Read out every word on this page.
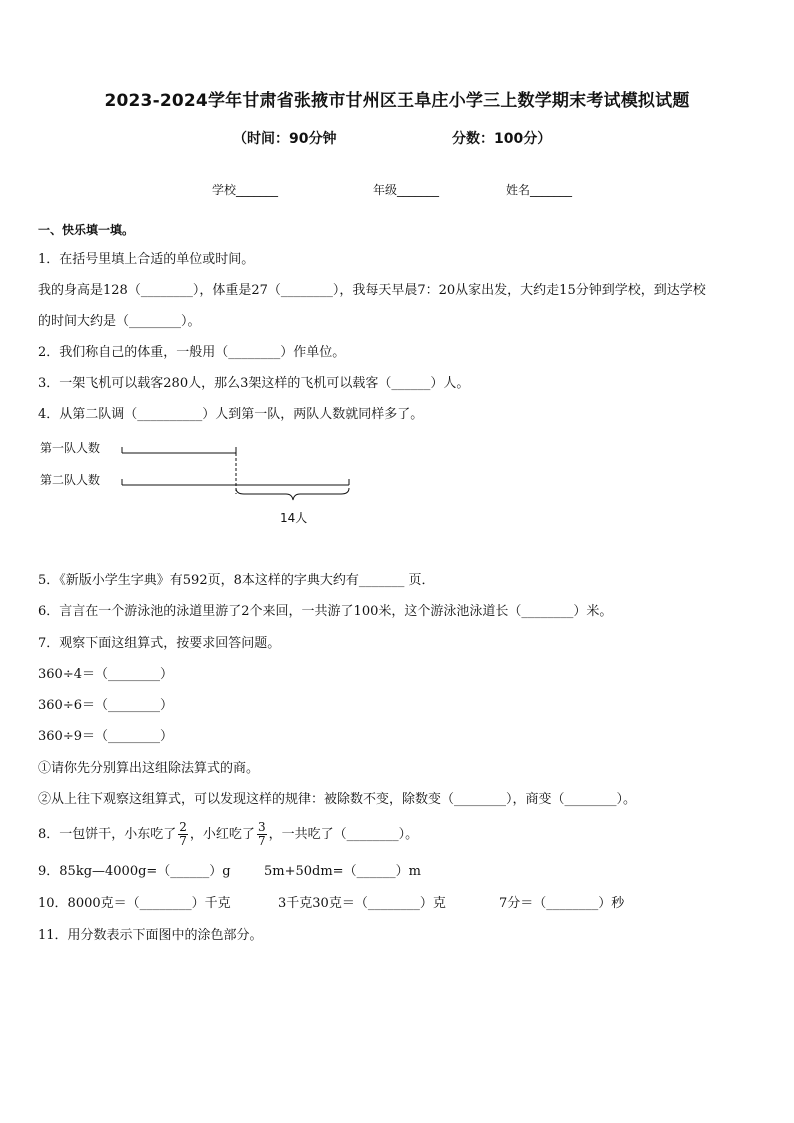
2023-2024学年甘肃省张掖市甘州区王阜庄小学三上数学期末考试模拟试题
（时间：90分钟	分数：100分）
学校_______	年级_______	姓名_______
一、快乐填一填。
1．在括号里填上合适的单位或时间。
我的身高是128（________），体重是27（________），我每天早晨7：20从家出发，大约走15分钟到学校，到达学校
的时间大约是（________）。
2．我们称自己的体重，一般用（________）作单位。
3．一架飞机可以载客280人，那么3架这样的飞机可以载客（______）人。
4．从第二队调（__________）人到第一队，两队人数就同样多了。
第一队人数
第二队人数
14人
5．《新版小学生字典》有592页，8本这样的字典大约有_______ 页．
6．言言在一个游泳池的泳道里游了2个来回，一共游了100米，这个游泳池泳道长（________）米。
7．观察下面这组算式，按要求回答问题。
360÷4＝（________）
360÷6＝（________）
360÷9＝（________）
①请你先分别算出这组除法算式的商。
②从上往下观察这组算式，可以发现这样的规律：被除数不变，除数变（________），商变（________）。
8．一包饼干，小东吃了 $\frac{2}{7}$ ，小红吃了 $\frac{3}{7}$ ，一共吃了（________）。
9．85kg—4000g=（______）g	5m+50dm=（______）m
10．8000克＝（________）千克	3千克30克＝（________）克	7分＝（________）秒
11．用分数表示下面图中的涂色部分。
